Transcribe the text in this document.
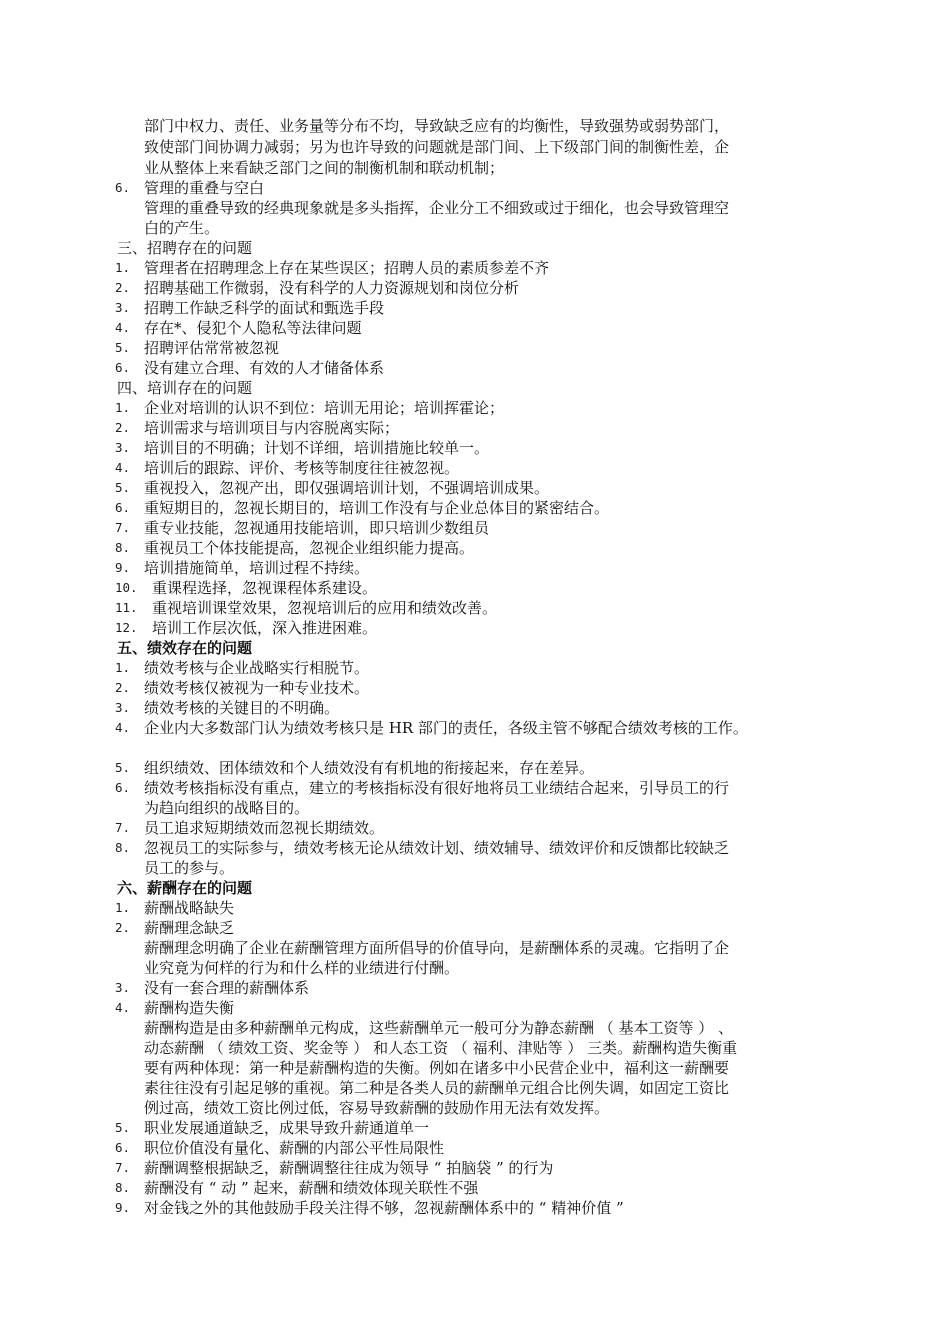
部门中权力、责任、业务量等分布不均，导致缺乏应有的均衡性，导致强势或弱势部门，
致使部门间协调力减弱；另为也许导致的问题就是部门间、上下级部门间的制衡性差，企
业从整体上来看缺乏部门之间的制衡机制和联动机制；
6. 管理的重叠与空白
管理的重叠导致的经典现象就是多头指挥，企业分工不细致或过于细化，也会导致管理空
白的产生。
三、招聘存在的问题
1. 管理者在招聘理念上存在某些误区；招聘人员的素质参差不齐
2. 招聘基础工作微弱，没有科学的人力资源规划和岗位分析
3. 招聘工作缺乏科学的面试和甄选手段
4. 存在*、侵犯个人隐私等法律问题
5. 招聘评估常常被忽视
6. 没有建立合理、有效的人才储备体系
四、培训存在的问题
1. 企业对培训的认识不到位：培训无用论；培训挥霍论；
2. 培训需求与培训项目与内容脱离实际；
3. 培训目的不明确；计划不详细，培训措施比较单一。
4. 培训后的跟踪、评价、考核等制度往往被忽视。
5. 重视投入，忽视产出，即仅强调培训计划，不强调培训成果。
6. 重短期目的，忽视长期目的，培训工作没有与企业总体目的紧密结合。
7. 重专业技能，忽视通用技能培训，即只培训少数组员
8. 重视员工个体技能提高，忽视企业组织能力提高。
9. 培训措施简单，培训过程不持续。
10. 重课程选择，忽视课程体系建设。
11. 重视培训课堂效果，忽视培训后的应用和绩效改善。
12. 培训工作层次低，深入推进困难。
五、绩效存在的问题
1. 绩效考核与企业战略实行相脱节。
2. 绩效考核仅被视为一种专业技术。
3. 绩效考核的关键目的不明确。
4. 企业内大多数部门认为绩效考核只是 HR 部门的责任，各级主管不够配合绩效考核的工作。
5. 组织绩效、团体绩效和个人绩效没有有机地的衔接起来，存在差异。
6. 绩效考核指标没有重点，建立的考核指标没有很好地将员工业绩结合起来，引导员工的行
为趋向组织的战略目的。
7. 员工追求短期绩效而忽视长期绩效。
8. 忽视员工的实际参与，绩效考核无论从绩效计划、绩效辅导、绩效评价和反馈都比较缺乏
员工的参与。
六、薪酬存在的问题
1. 薪酬战略缺失
2. 薪酬理念缺乏
薪酬理念明确了企业在薪酬管理方面所倡导的价值导向，是薪酬体系的灵魂。它指明了企
业究竟为何样的行为和什么样的业绩进行付酬。
3. 没有一套合理的薪酬体系
4. 薪酬构造失衡
薪酬构造是由多种薪酬单元构成，这些薪酬单元一般可分为静态薪酬 （ 基本工资等 ） 、
动态薪酬 （ 绩效工资、奖金等 ） 和人态工资 （ 福利、津贴等 ） 三类。薪酬构造失衡重
要有两种体现：第一种是薪酬构造的失衡。例如在诸多中小民营企业中，福利这一薪酬要
素往往没有引起足够的重视。第二种是各类人员的薪酬单元组合比例失调，如固定工资比
例过高，绩效工资比例过低，容易导致薪酬的鼓励作用无法有效发挥。
5. 职业发展通道缺乏，成果导致升薪通道单一
6. 职位价值没有量化、薪酬的内部公平性局限性
7. 薪酬调整根据缺乏，薪酬调整往往成为领导 “ 拍脑袋 ” 的行为
8. 薪酬没有 “ 动 ” 起来，薪酬和绩效体现关联性不强
9. 对金钱之外的其他鼓励手段关注得不够，忽视薪酬体系中的 “ 精神价值 ”
